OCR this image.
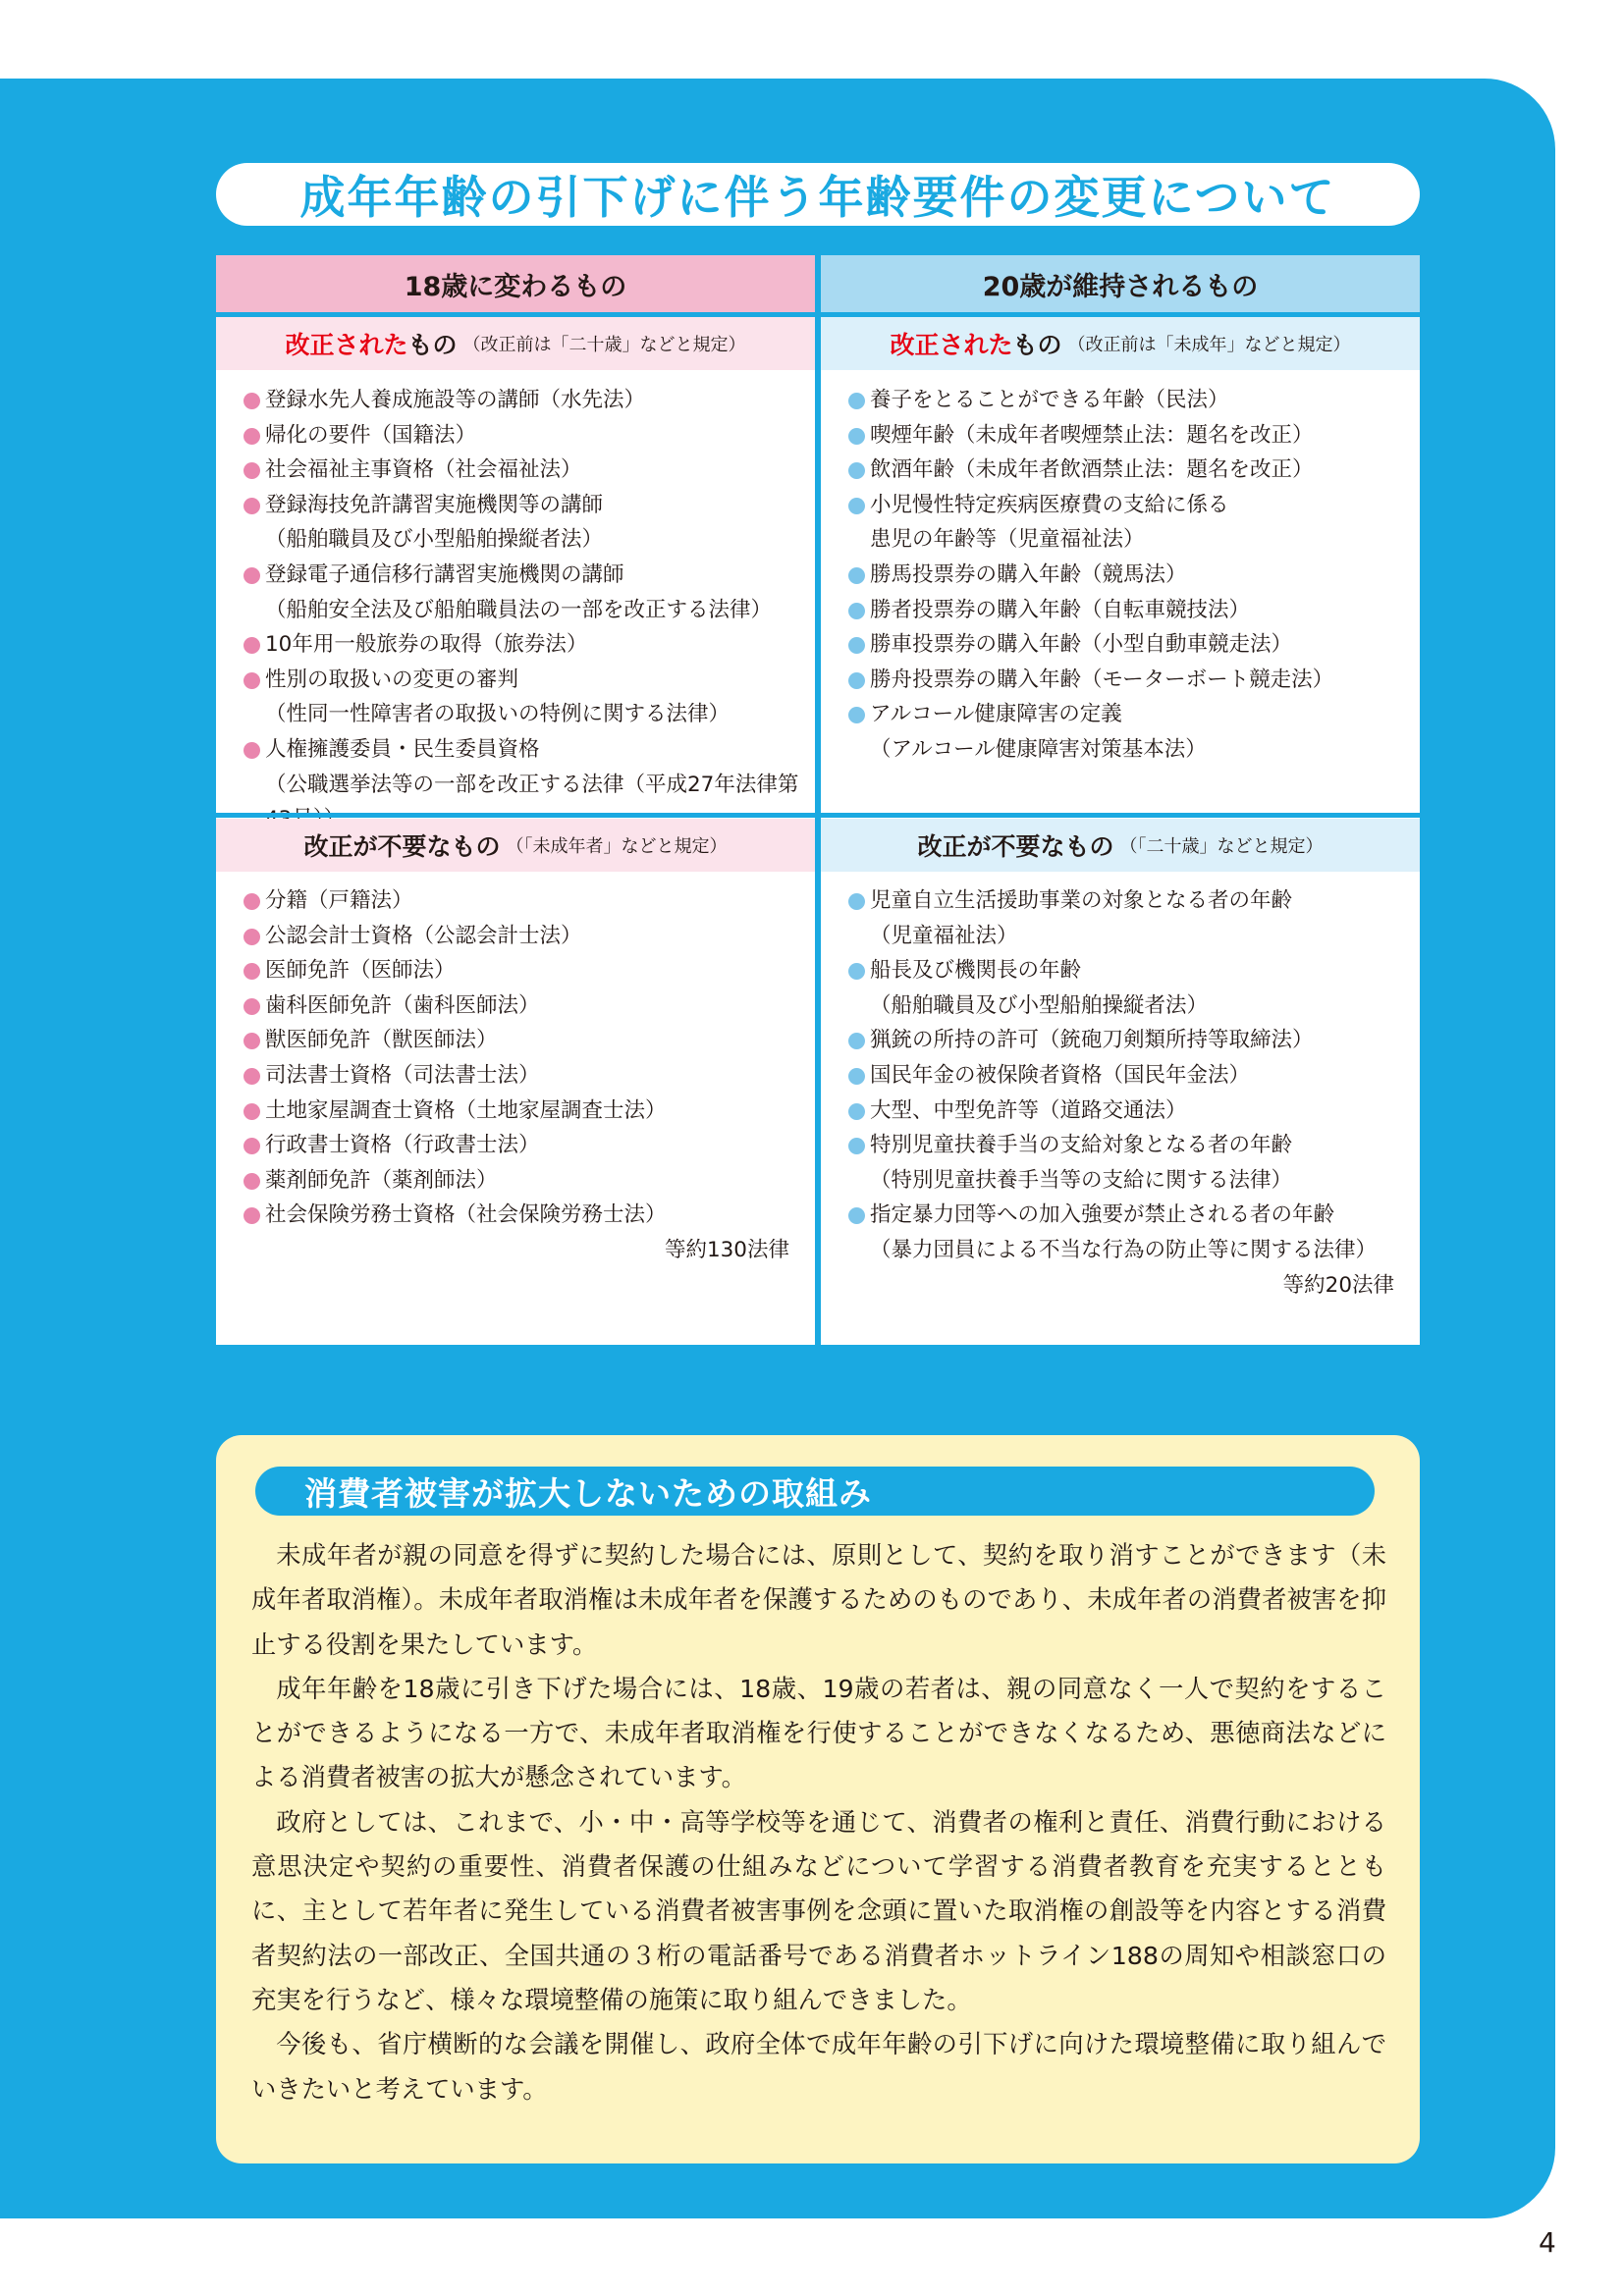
成年年齢の引下げに伴う年齢要件の変更について
18歳に変わるもの
改正された もの （改正前は「二十歳」などと規定）
登録水先人養成施設等の講師（水先法）
帰化の要件（国籍法）
社会福祉主事資格（社会福祉法）
登録海技免許講習実施機関等の講師
（船舶職員及び小型船舶操縦者法）
登録電子通信移行講習実施機関の講師
（船舶安全法及び船舶職員法の一部を改正する法律）
10年用一般旅券の取得（旅券法）
性別の取扱いの変更の審判
（性同一性障害者の取扱いの特例に関する法律）
人権擁護委員・民生委員資格
（公職選挙法等の一部を改正する法律（平成27年法律第
改正が不要なもの （「未成年者」などと規定）
分籍（戸籍法）
公認会計士資格（公認会計士法）
医師免許（医師法）
歯科医師免許（歯科医師法）
獣医師免許（獣医師法）
司法書士資格（司法書士法）
土地家屋調査士資格（土地家屋調査士法）
行政書士資格（行政書士法）
薬剤師免許（薬剤師法）
社会保険労務士資格（社会保険労務士法）
等約130法律
20歳が維持されるもの
改正された もの （改正前は「未成年」などと規定）
養子をとることができる年齢（民法）
喫煙年齢（未成年者喫煙禁止法：題名を改正）
飲酒年齢（未成年者飲酒禁止法：題名を改正）
小児慢性特定疾病医療費の支給に係る
患児の年齢等（児童福祉法）
勝馬投票券の購入年齢（競馬法）
勝者投票券の購入年齢（自転車競技法）
勝車投票券の購入年齢（小型自動車競走法）
勝舟投票券の購入年齢（モーターボート競走法）
アルコール健康障害の定義
（アルコール健康障害対策基本法）
改正が不要なもの （「二十歳」などと規定）
児童自立生活援助事業の対象となる者の年齢
（児童福祉法）
船長及び機関長の年齢
（船舶職員及び小型船舶操縦者法）
猟銃の所持の許可（銃砲刀剣類所持等取締法）
国民年金の被保険者資格（国民年金法）
大型、中型免許等（道路交通法）
特別児童扶養手当の支給対象となる者の年齢
（特別児童扶養手当等の支給に関する法律）
指定暴力団等への加入強要が禁止される者の年齢
（暴力団員による不当な行為の防止等に関する法律）
等約20法律
消費者被害が拡大しないための取組み

未成年者が親の同意を得ずに契約した場合には、原則として、契約を取り消すことができます（未成年者取消権）。未成年者取消権は未成年者を保護するためのものであり、未成年者の消費者被害を抑止する役割を果たしています。

成年年齢を18歳に引き下げた場合には、18歳、19歳の若者は、親の同意なく一人で契約をすることができるようになる一方で、未成年者取消権を行使することができなくなるため、悪徳商法などによる消費者被害の拡大が懸念されています。

政府としては、これまで、小・中・高等学校等を通じて、消費者の権利と責任、消費行動における意思決定や契約の重要性、消費者保護の仕組みなどについて学習する消費者教育を充実するとともに、主として若年者に発生している消費者被害事例を念頭に置いた取消権の創設等を内容とする消費者契約法の一部改正、全国共通の３桁の電話番号である消費者ホットライン188の周知や相談窓口の充実を行うなど、様々な環境整備の施策に取り組んできました。

今後も、省庁横断的な会議を開催し、政府全体で成年年齢の引下げに向けた環境整備に取り組んでいきたいと考えています。

4
